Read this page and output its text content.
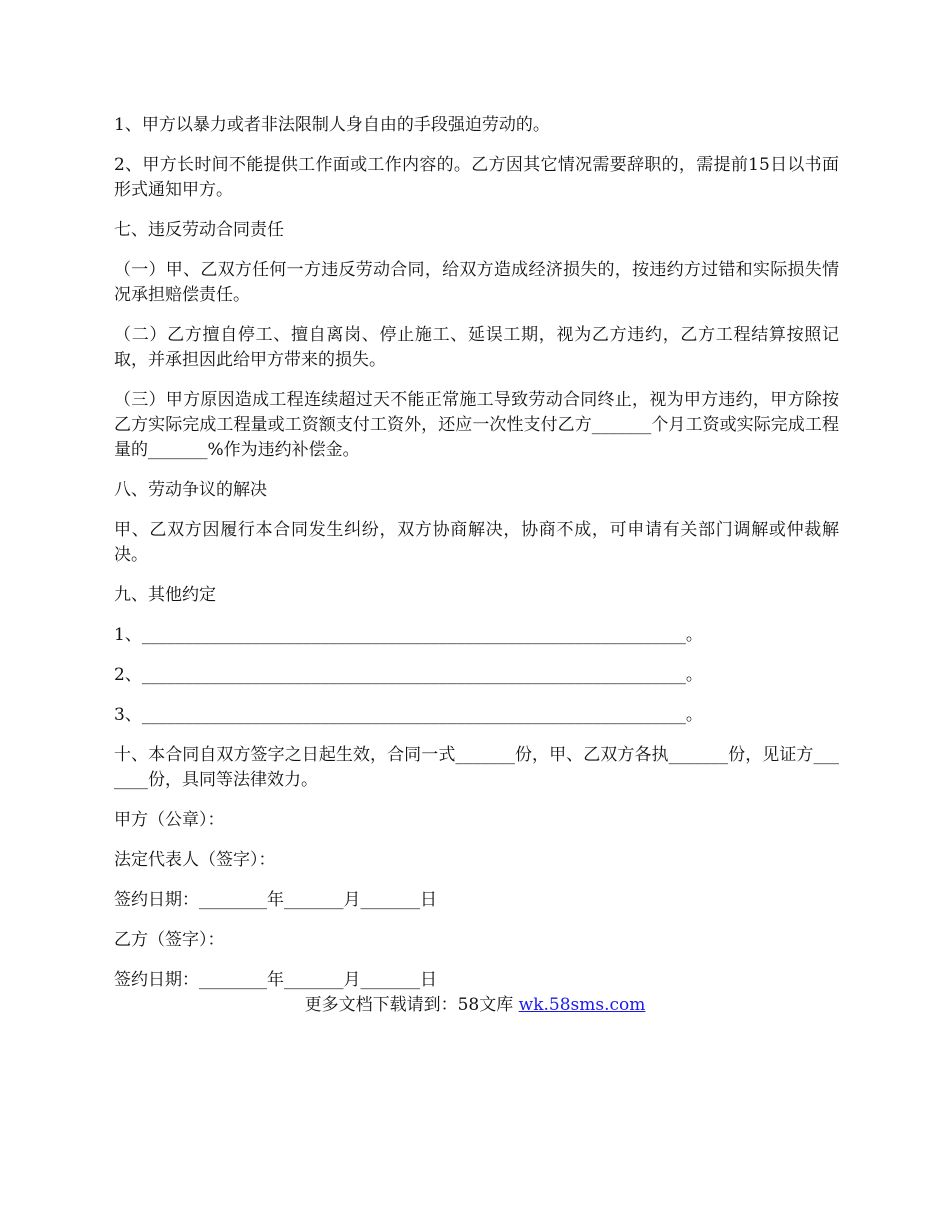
1、甲方以暴力或者非法限制人身自由的手段强迫劳动的。

2、甲方长时间不能提供工作面或工作内容的。乙方因其它情况需要辞职的，需提前15日以书面形式通知甲方。

七、违反劳动合同责任

（一）甲、乙双方任何一方违反劳动合同，给双方造成经济损失的，按违约方过错和实际损失情况承担赔偿责任。

（二）乙方擅自停工、擅自离岗、停止施工、延误工期，视为乙方违约，乙方工程结算按照记取，并承担因此给甲方带来的损失。

（三）甲方原因造成工程连续超过天不能正常施工导致劳动合同终止，视为甲方违约，甲方除按乙方实际完成工程量或工资额支付工资外，还应一次性支付乙方_______个月工资或实际完成工程量的_______%作为违约补偿金。

八、劳动争议的解决

甲、乙双方因履行本合同发生纠纷，双方协商解决，协商不成，可申请有关部门调解或仲裁解决。

九、其他约定

1、________________________________________________________________。

2、________________________________________________________________。

3、________________________________________________________________。

十、本合同自双方签字之日起生效，合同一式_______份，甲、乙双方各执_______份，见证方_______份，具同等法律效力。

甲方（公章）：

法定代表人（签字）：

签约日期：________年_______月_______日

乙方（签字）：

签约日期：________年_______月_______日

更多文档下载请到：58文库 wk.58sms.com
